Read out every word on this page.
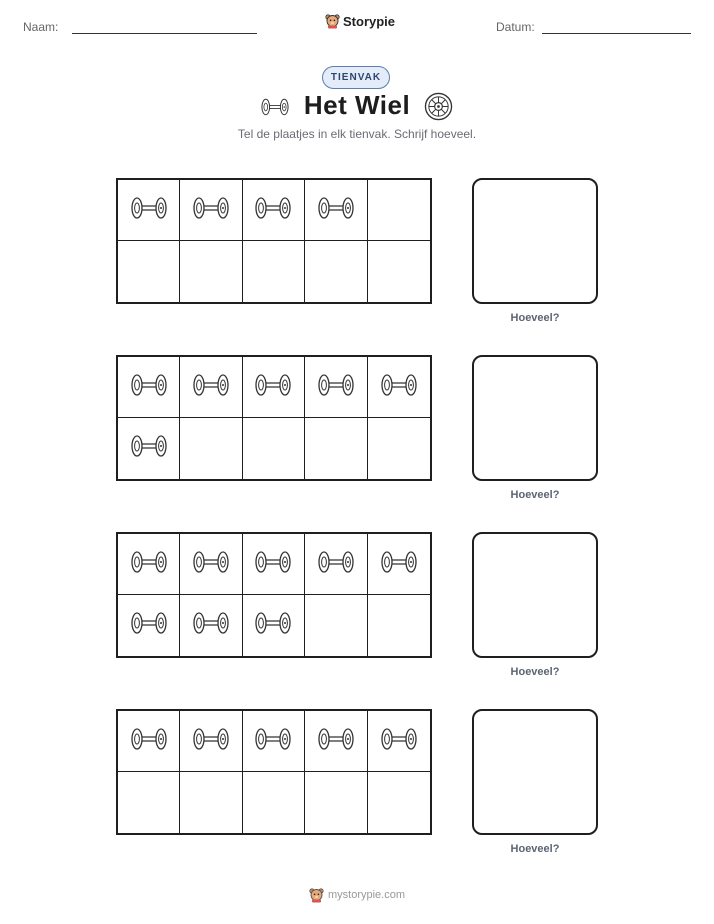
Naam:	Storypie	Datum:
TIENVAK
Het Wiel
Tel de plaatjes in elk tienvak. Schrijf hoeveel.
Hoeveel?
Hoeveel?
Hoeveel?
Hoeveel?
mystorypie.com
